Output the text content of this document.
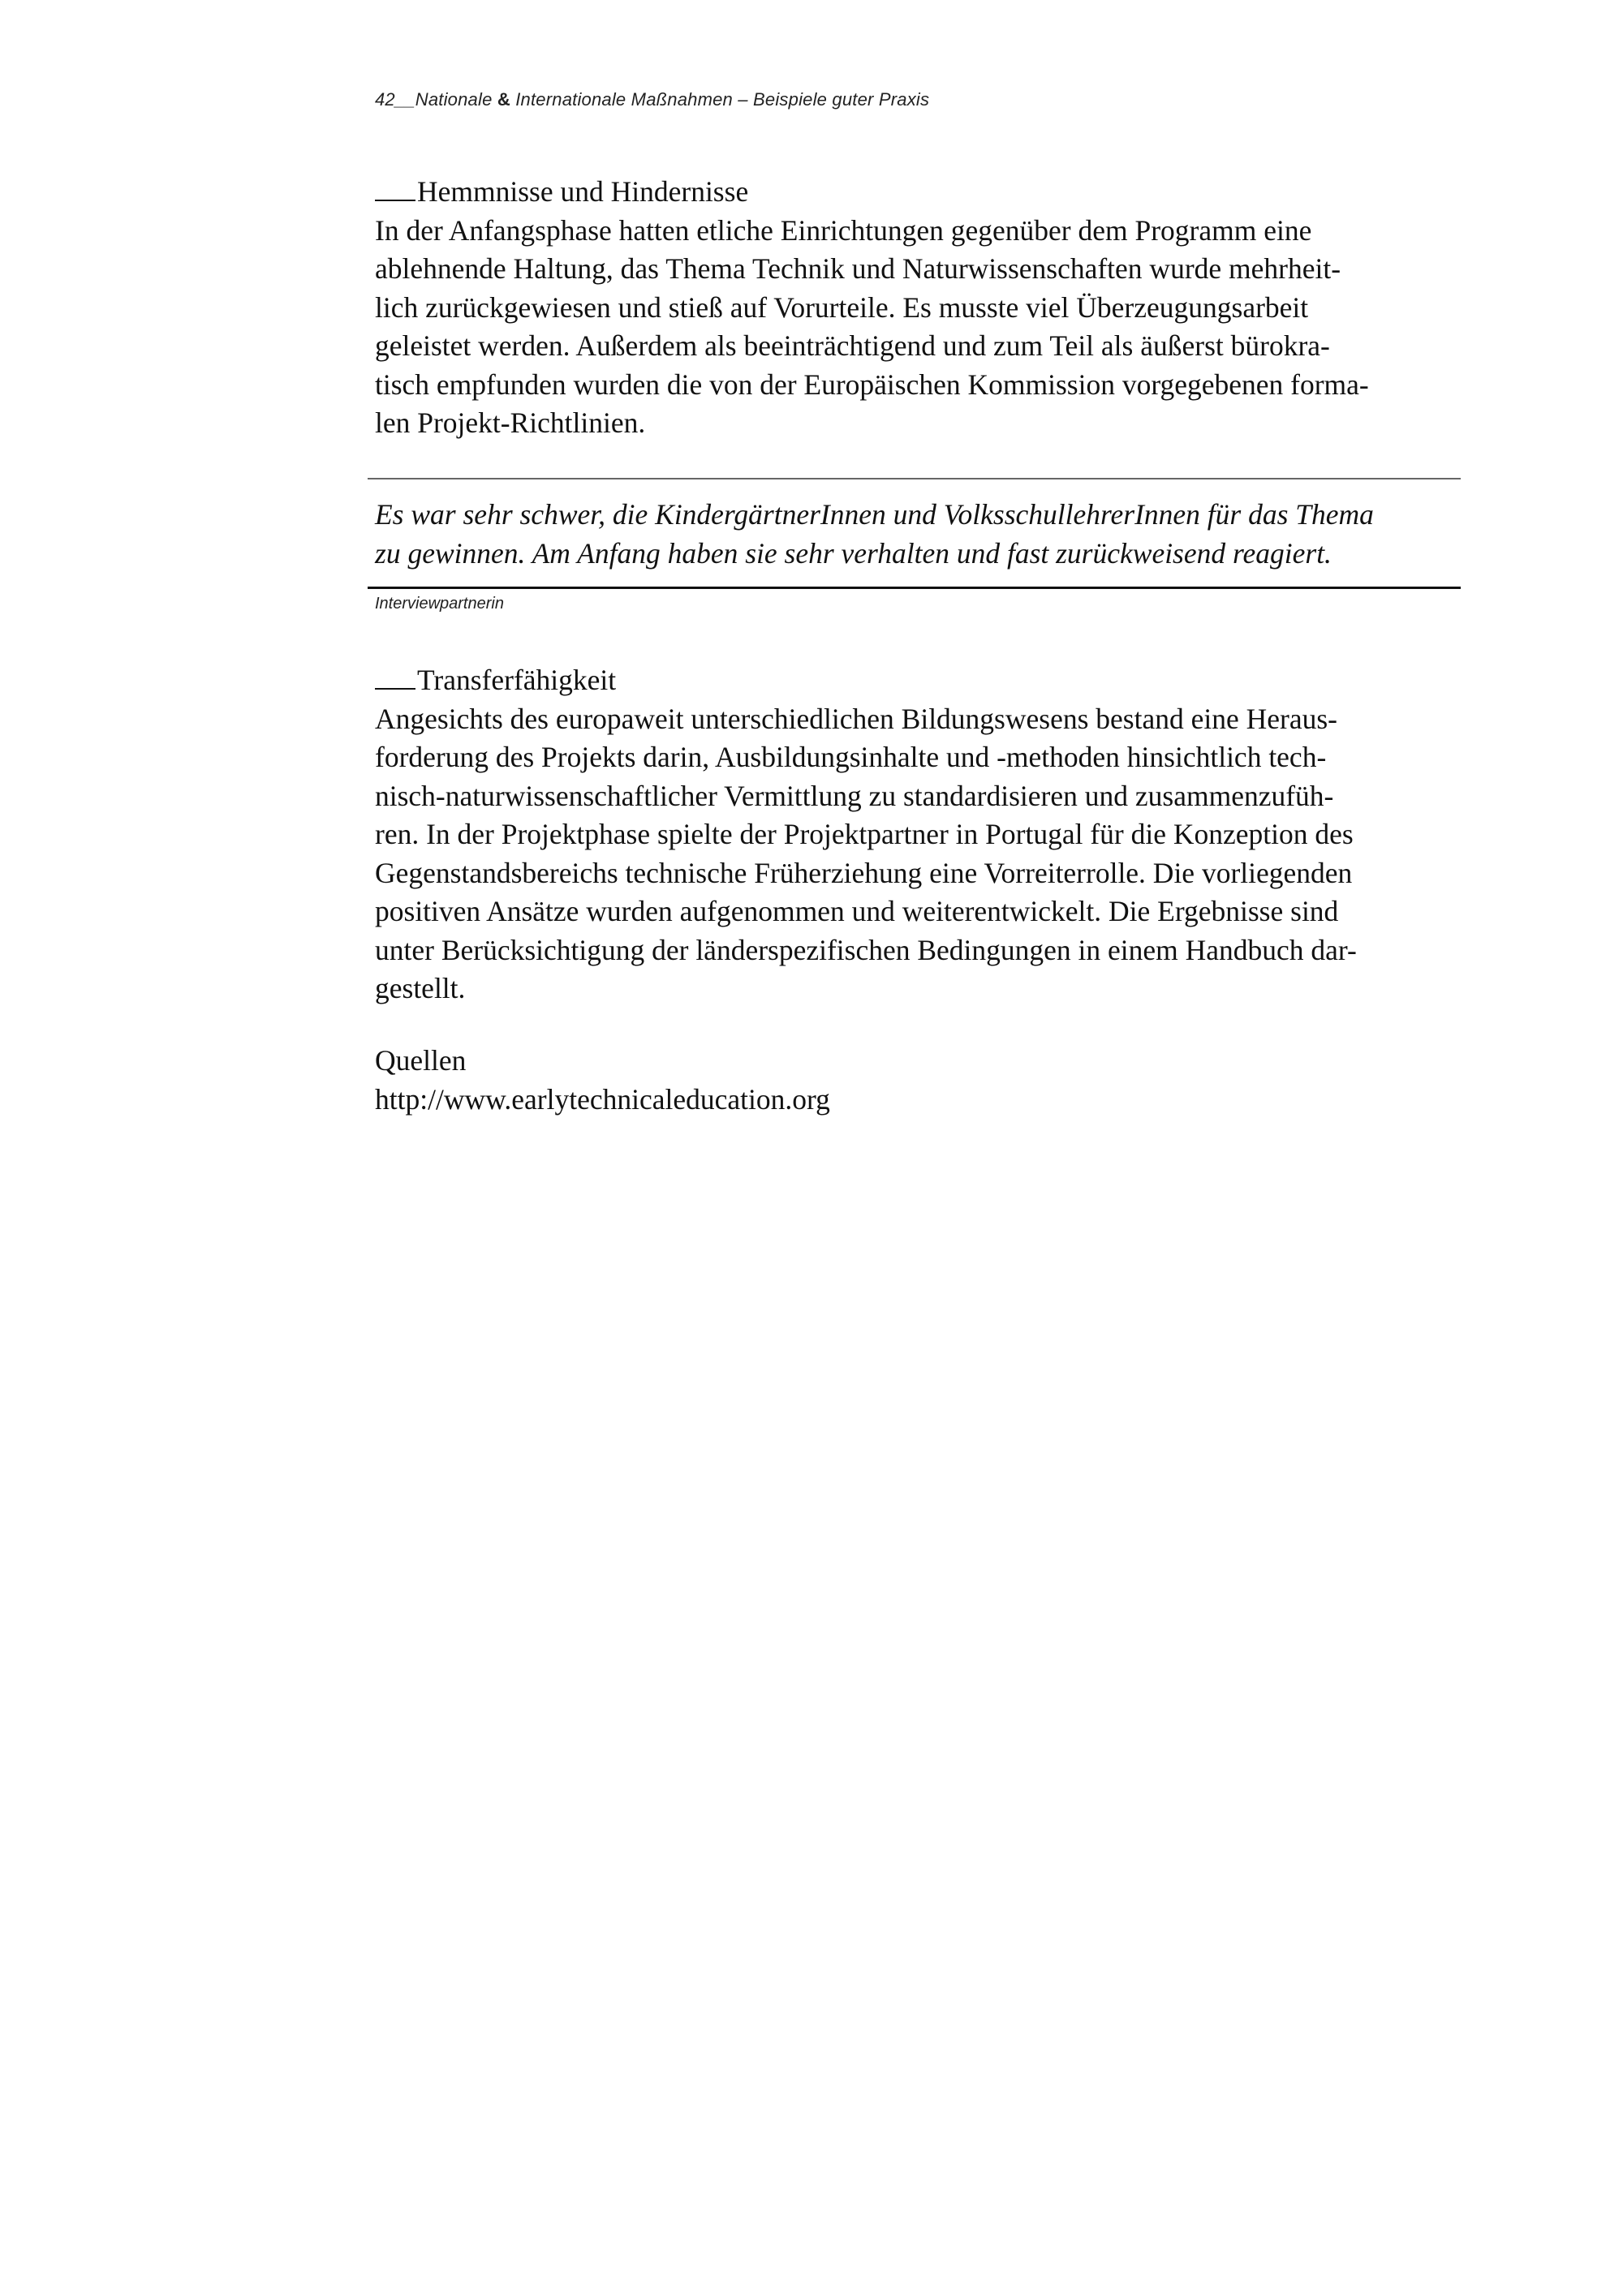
42__Nationale & Internationale Maßnahmen – Beispiele guter Praxis
Hemmnisse und Hindernisse
In der Anfangsphase hatten etliche Einrichtungen gegenüber dem Programm eine
ablehnende Haltung, das Thema Technik und Naturwissenschaften wurde mehrheit-
lich zurückgewiesen und stieß auf Vorurteile. Es musste viel Überzeugungsarbeit
geleistet werden. Außerdem als beeinträchtigend und zum Teil als äußerst bürokra-
tisch empfunden wurden die von der Europäischen Kommission vorgegebenen forma-
len Projekt-Richtlinien.
Es war sehr schwer, die KindergärtnerInnen und VolksschullehrerInnen für das Thema
zu gewinnen. Am Anfang haben sie sehr verhalten und fast zurückweisend reagiert.
Interviewpartnerin
Transferfähigkeit
Angesichts des europaweit unterschiedlichen Bildungswesens bestand eine Heraus-
forderung des Projekts darin, Ausbildungsinhalte und -methoden hinsichtlich tech-
nisch-naturwissenschaftlicher Vermittlung zu standardisieren und zusammenzufüh-
ren. In der Projektphase spielte der Projektpartner in Portugal für die Konzeption des
Gegenstandsbereichs technische Früherziehung eine Vorreiterrolle. Die vorliegenden
positiven Ansätze wurden aufgenommen und weiterentwickelt. Die Ergebnisse sind
unter Berücksichtigung der länderspezifischen Bedingungen in einem Handbuch dar-
gestellt.
Quellen
http://www.earlytechnicaleducation.org
